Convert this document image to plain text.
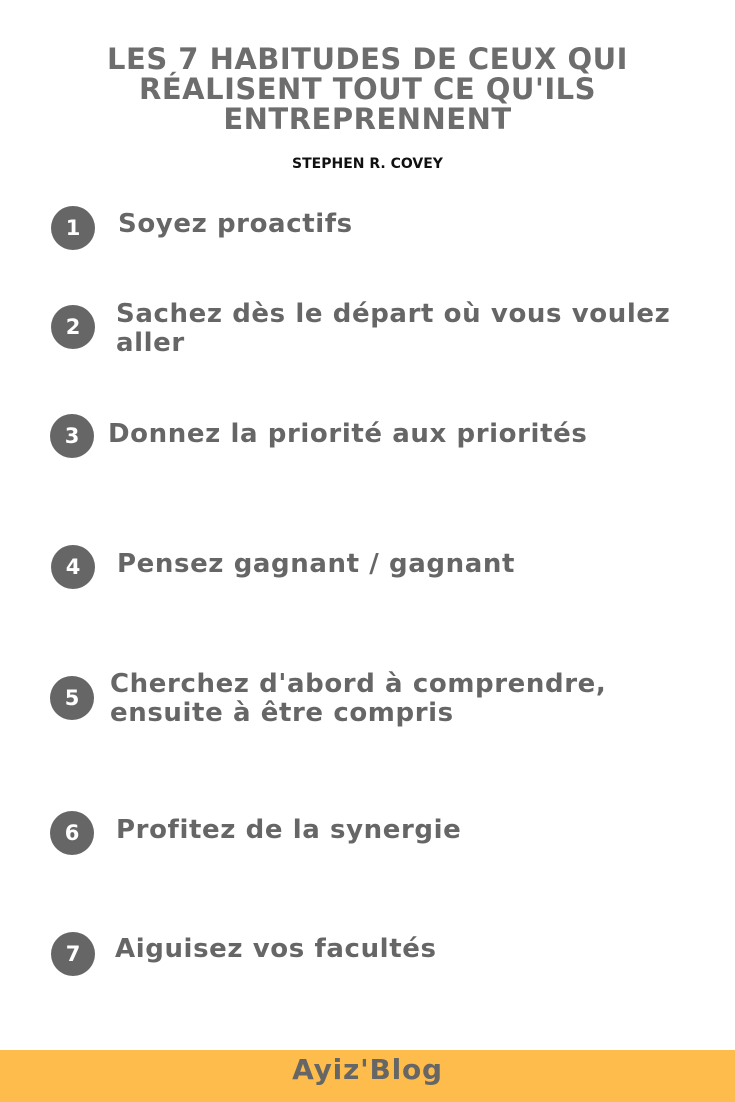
LES 7 HABITUDES DE CEUX QUI
RÉALISENT TOUT CE QU'ILS
ENTREPRENNENT
STEPHEN R. COVEY
1	Soyez proactifs
2	Sachez dès le départ où vous voulez
aller
3	Donnez la priorité aux priorités
4	Pensez gagnant / gagnant
5	Cherchez d'abord à comprendre,
ensuite à être compris
6	Profitez de la synergie
7	Aiguisez vos facultés
Ayiz'Blog
